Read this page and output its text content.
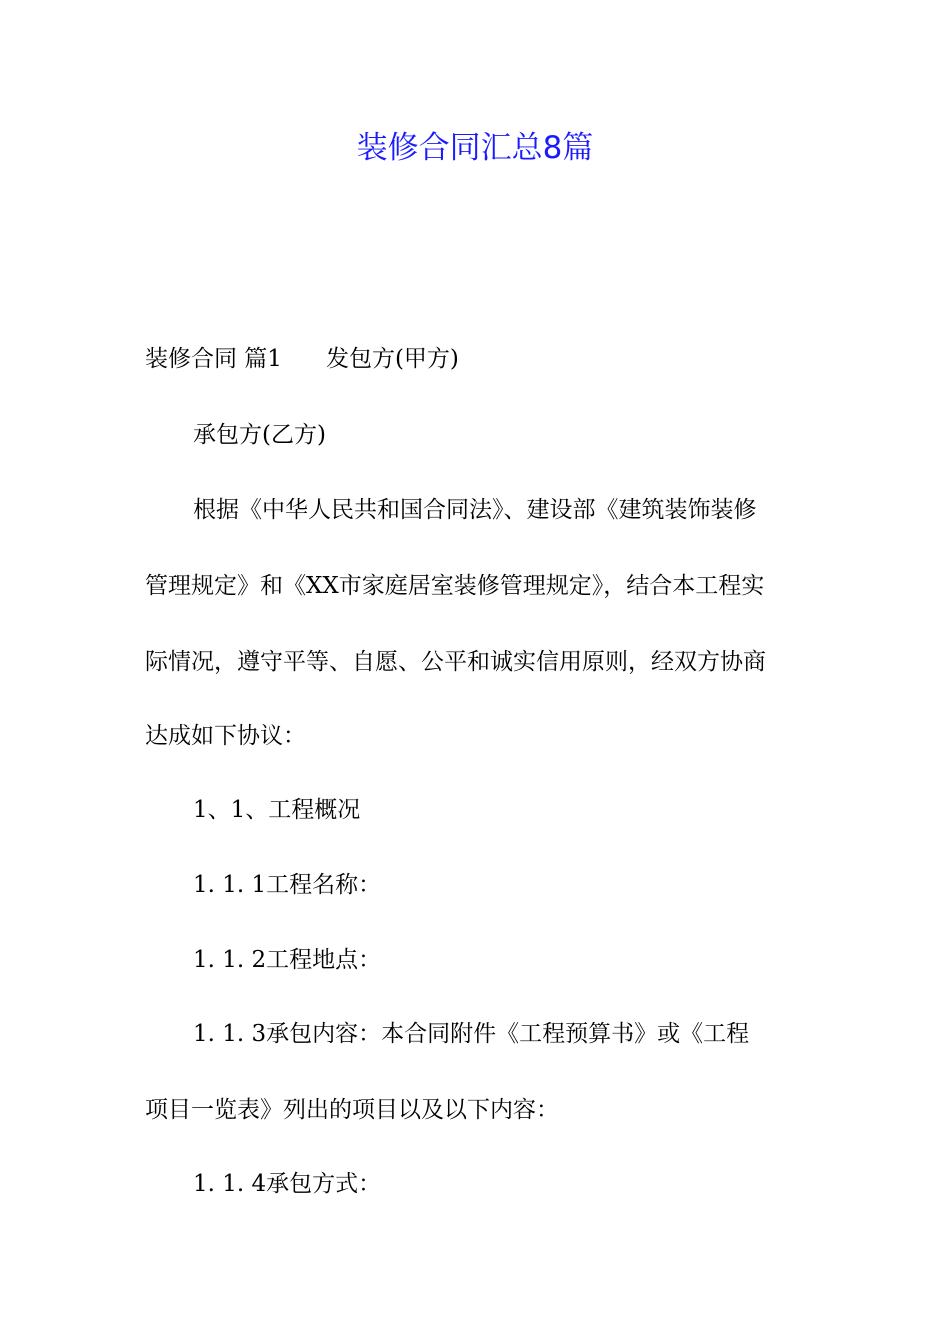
装修合同汇总8篇
装修合同 篇1 发包方(甲方)
承包方(乙方)
根据《中华人民共和国合同法》、建设部《建筑装饰装修
管理规定》和《XX市家庭居室装修管理规定》，结合本工程实
际情况，遵守平等、自愿、公平和诚实信用原则，经双方协商
达成如下协议：
1、1、工程概况
1. 1. 1工程名称：
1. 1. 2工程地点：
1. 1. 3承包内容：本合同附件《工程预算书》或《工程
项目一览表》列出的项目以及以下内容：
1. 1. 4承包方式：
